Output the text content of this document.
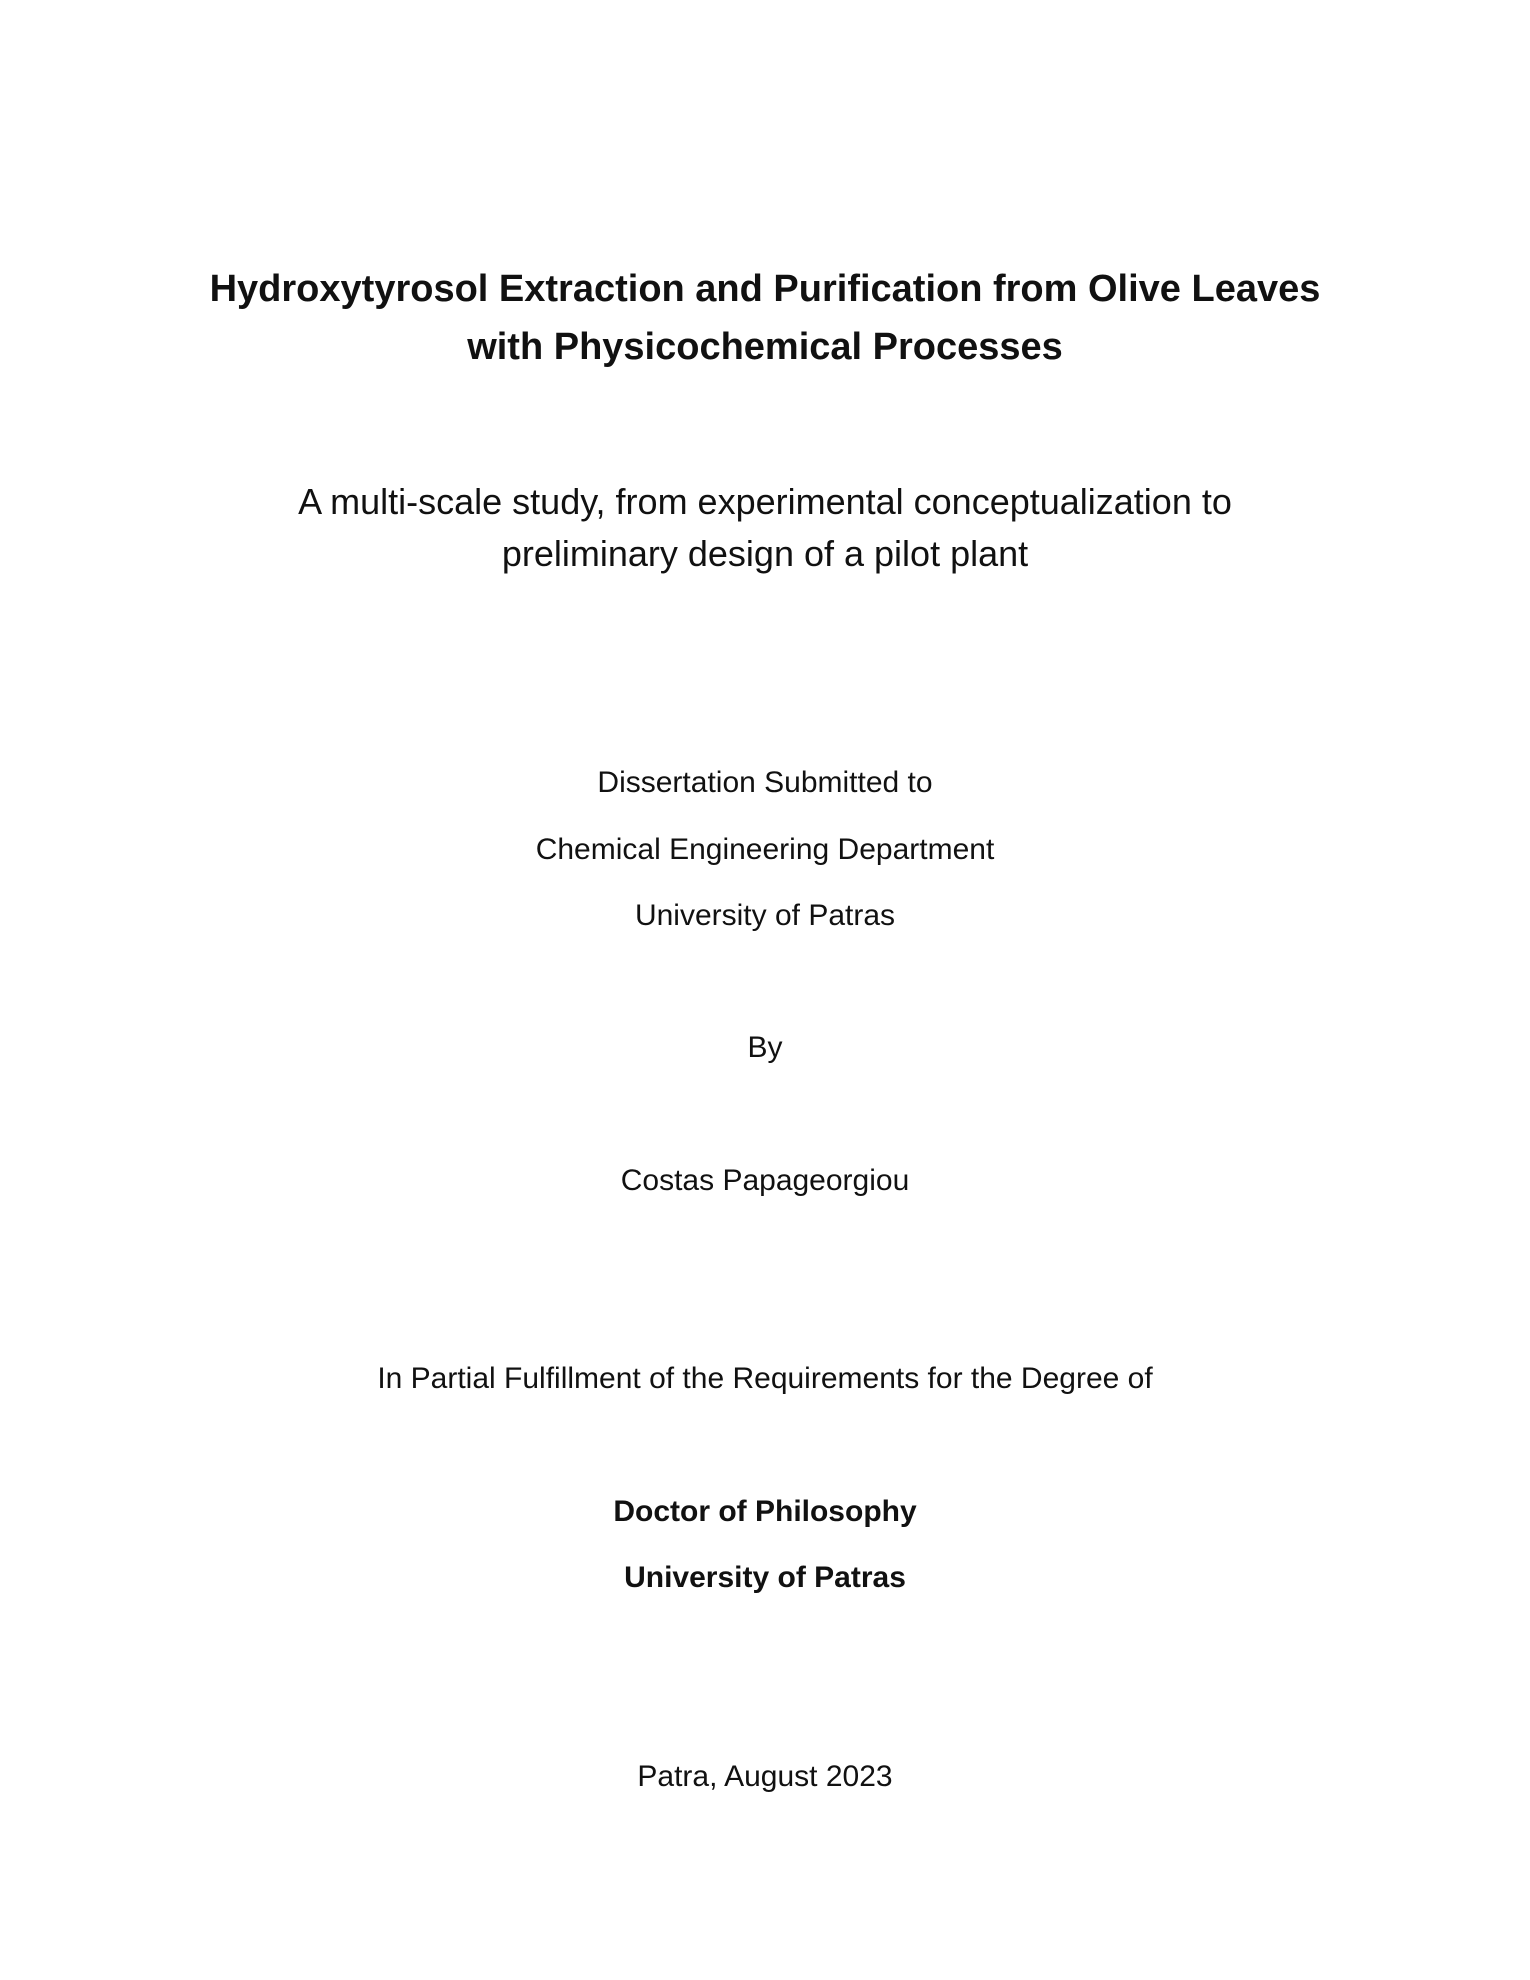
Hydroxytyrosol Extraction and Purification from Olive Leaves
with Physicochemical Processes

A multi-scale study, from experimental conceptualization to

preliminary design of a pilot plant

Dissertation Submitted to

Chemical Engineering Department

University of Patras

By

Costas Papageorgiou

In Partial Fulfillment of the Requirements for the Degree of

Doctor of Philosophy

University of Patras

Patra, August 2023
